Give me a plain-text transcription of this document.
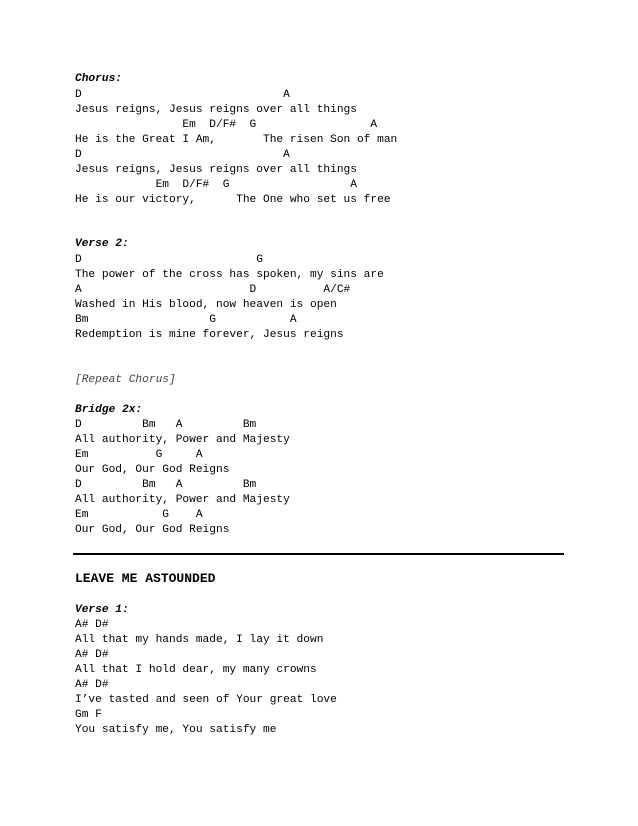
Chorus:
D                              A
Jesus reigns, Jesus reigns over all things
Em  D/F#  G                 A
He is the Great I Am,       The risen Son of man
D                              A
Jesus reigns, Jesus reigns over all things
Em  D/F#  G                  A
He is our victory,      The One who set us free
Verse 2:
D                          G
The power of the cross has spoken, my sins are
A                         D          A/C#
Washed in His blood, now heaven is open
Bm                  G           A
Redemption is mine forever, Jesus reigns
[Repeat Chorus]
Bridge 2x:
D         Bm   A         Bm
All authority, Power and Majesty
Em          G     A
Our God, Our God Reigns
D         Bm   A         Bm
All authority, Power and Majesty
Em           G    A
Our God, Our God Reigns
LEAVE ME ASTOUNDED
Verse 1:
A# D#
All that my hands made, I lay it down
A# D#
All that I hold dear, my many crowns
A# D#
I’ve tasted and seen of Your great love
Gm F
You satisfy me, You satisfy me
